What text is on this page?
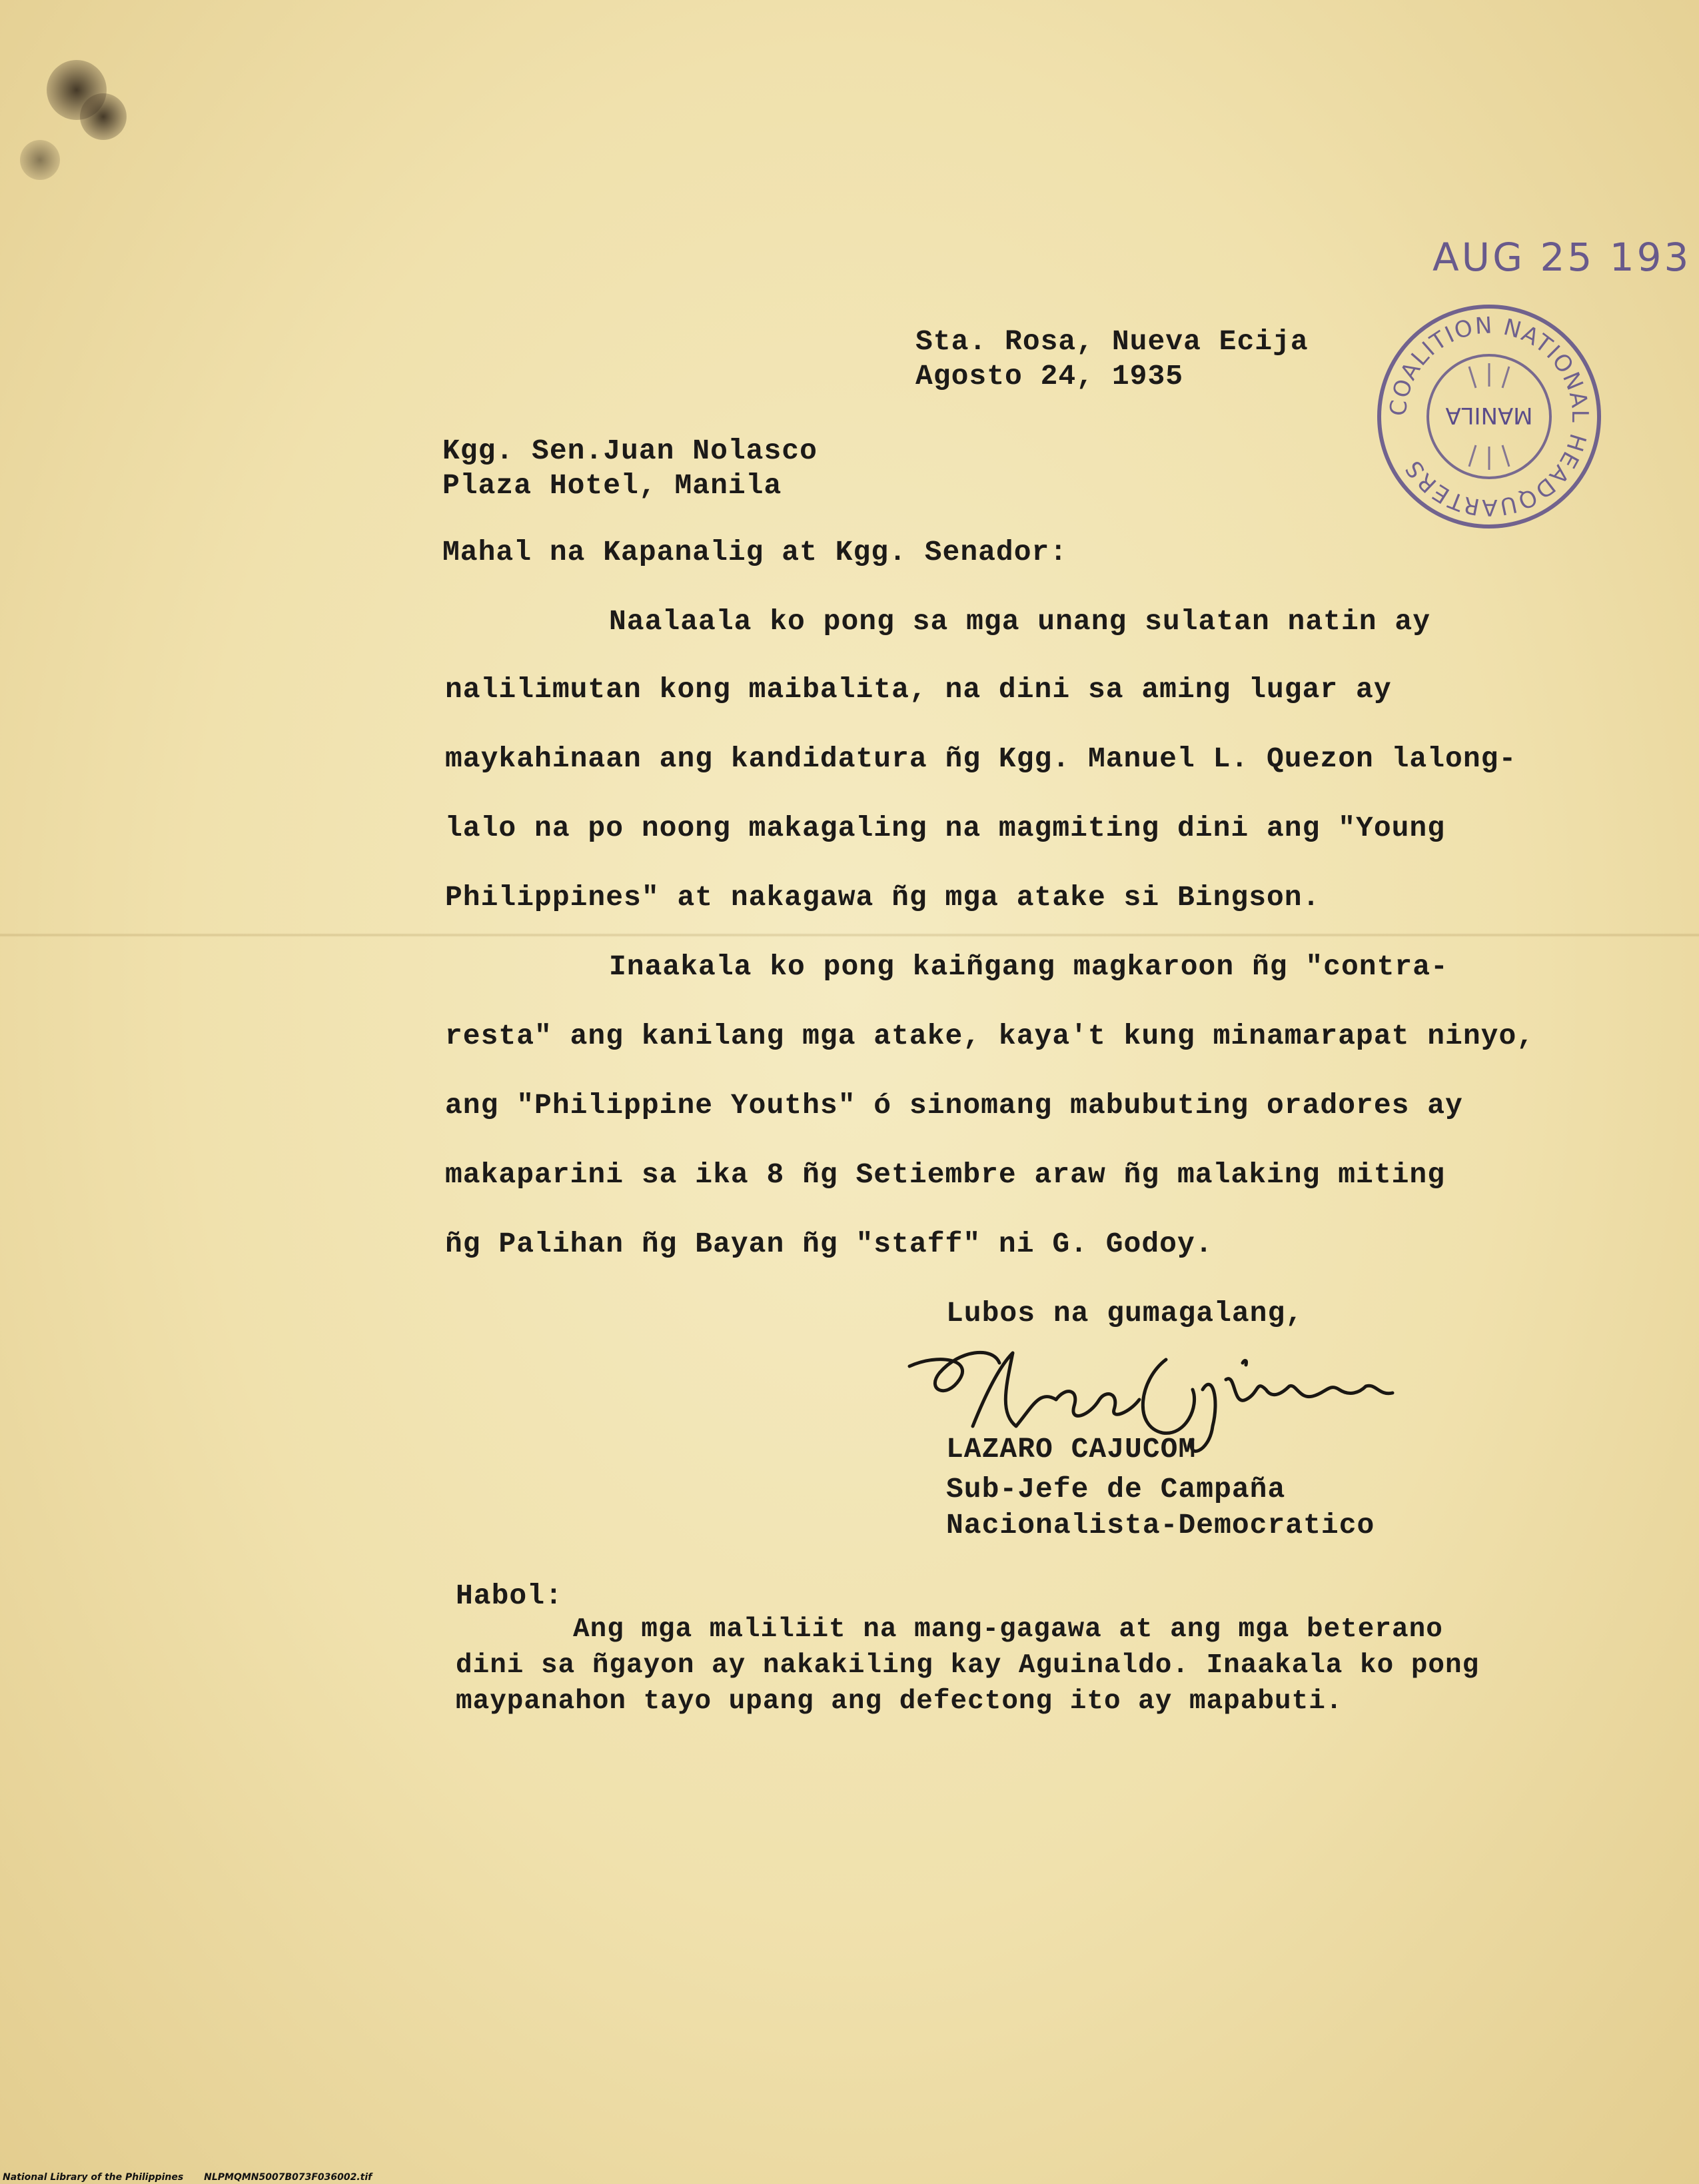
AUG 25 193
COALITION NATIONAL HEADQUARTERS
MANILA
Sta. Rosa, Nueva Ecija
Agosto 24, 1935
Kgg. Sen.Juan Nolasco
Plaza Hotel, Manila
Mahal na Kapanalig at Kgg. Senador:
Naalaala ko pong sa mga unang sulatan natin ay
nalilimutan kong maibalita, na dini sa aming lugar ay
maykahinaan ang kandidatura ñg Kgg. Manuel L. Quezon lalong-
lalo na po noong makagaling na magmiting dini ang "Young
Philippines" at nakagawa ñg mga atake si Bingson.
Inaakala ko pong kaiñgang magkaroon ñg "contra-
resta" ang kanilang mga atake, kaya't kung minamarapat ninyo,
ang "Philippine Youths" ó sinomang mabubuting oradores ay
makaparini sa ika 8 ñg Setiembre araw ñg malaking miting
ñg Palihan ñg Bayan ñg "staff" ni G. Godoy.
Lubos na gumagalang,
LAZARO CAJUCOM
Sub-Jefe de Campaña
Nacionalista-Democratico
Habol:
Ang mga maliliit na mang-gagawa at ang mga beterano
dini sa ñgayon ay nakakiling kay Aguinaldo. Inaakala ko pong
maypanahon tayo upang ang defectong ito ay mapabuti.
National Library of the Philippines NLPMQMN5007B073F036002.tif
